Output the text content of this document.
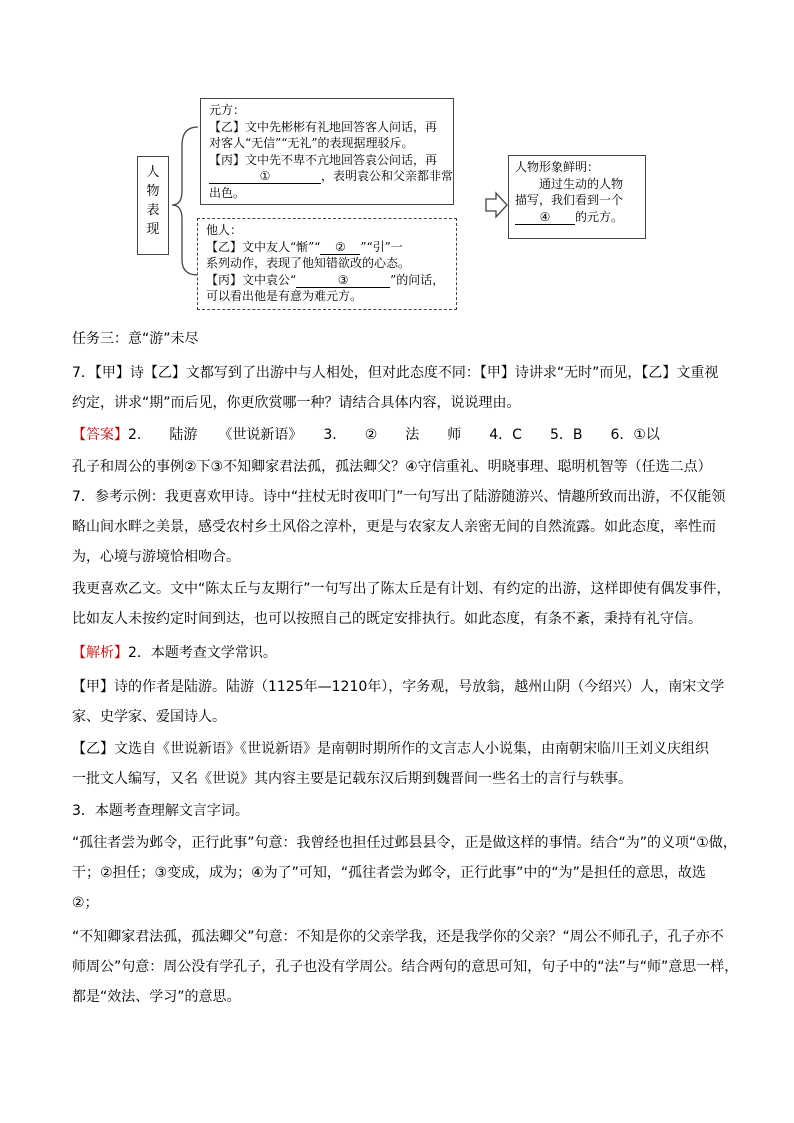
人
物
表
现
元方：
【乙】文中先彬彬有礼地回答客人问话，再
对客人“无信”“无礼”的表现据理驳斥。
【丙】文中先不卑不亢地回答袁公问话，再
①	，表明袁公和父亲都非常
出色。
他人：
【乙】文中友人“惭”“ ② ”“引”一
系列动作，表现了他知错欲改的心态。
【丙】文中袁公“	③	”的问话，
可以看出他是有意为难元方。
人物形象鲜明：
通过生动的人物
描写，我们看到一个
④ 的元方。
任务三：意“游”未尽
7．【甲】诗【乙】文都写到了出游中与人相处，但对此态度不同：【甲】诗讲求“无时”而见，【乙】文重视
约定，讲求“期”而后见，你更欣赏哪一种？请结合具体内容，说说理由。
【答案】2.　　陆游　　《世说新语》　　3.　　②　　法　　师　　4．C　　5．B　　6．①以
孔子和周公的事例②下③不知卿家君法孤，孤法卿父？④守信重礼、明晓事理、聪明机智等（任选二点）
7．参考示例：我更喜欢甲诗。诗中“拄杖无时夜叩门”一句写出了陆游随游兴、情趣所致而出游，不仅能领
略山间水畔之美景，感受农村乡土风俗之淳朴，更是与农家友人亲密无间的自然流露。如此态度，率性而
为，心境与游境恰相吻合。
我更喜欢乙文。文中“陈太丘与友期行”一句写出了陈太丘是有计划、有约定的出游，这样即使有偶发事件，
比如友人未按约定时间到达，也可以按照自己的既定安排执行。如此态度，有条不紊，秉持有礼守信。
【解析】2．本题考查文学常识。
【甲】诗的作者是陆游。陆游（1125年—1210年），字务观，号放翁，越州山阴（今绍兴）人，南宋文学
家、史学家、爱国诗人。
【乙】文选自《世说新语》《世说新语》是南朝时期所作的文言志人小说集，由南朝宋临川王刘义庆组织
一批文人编写，又名《世说》其内容主要是记载东汉后期到魏晋间一些名士的言行与轶事。
3．本题考查理解文言字词。
“孤往者尝为邺令，正行此事”句意：我曾经也担任过邺县县令，正是做这样的事情。结合“为”的义项“①做，
干；②担任；③变成，成为；④为了”可知，“孤往者尝为邺令，正行此事”中的“为”是担任的意思，故选
②；
“不知卿家君法孤，孤法卿父”句意：不知是你的父亲学我，还是我学你的父亲？“周公不师孔子，孔子亦不
师周公”句意：周公没有学孔子，孔子也没有学周公。结合两句的意思可知，句子中的“法”与“师”意思一样，
都是“效法、学习”的意思。
